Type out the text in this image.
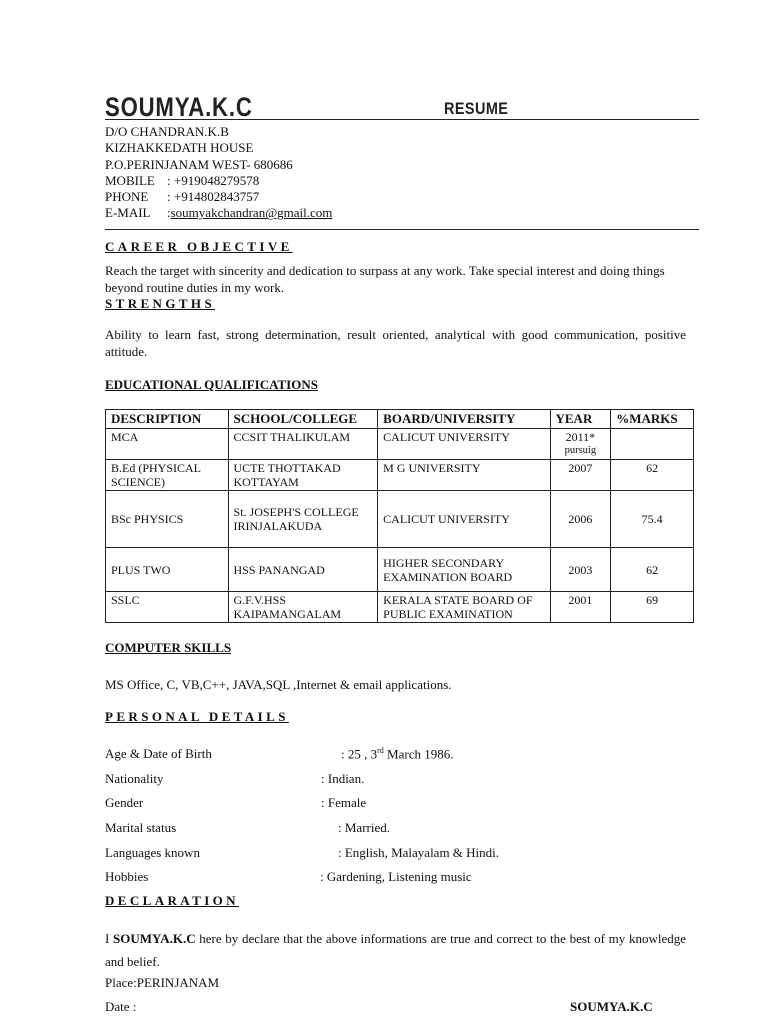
SOUMYA.K.C	RESUME
D/O CHANDRAN.K.B
KIZHAKKEDATH HOUSE
P.O.PERINJANAM WEST- 680686
MOBILE : +919048279578
PHONE : +914802843757
E-MAIL :soumyakchandran@gmail.com
CAREER OBJECTIVE
Reach the target with sincerity and dedication to surpass at any work. Take special interest and doing things beyond routine duties in my work.
STRENGTHS
Ability to learn fast, strong determination, result oriented, analytical with good communication, positive attitude.
EDUCATIONAL QUALIFICATIONS
DESCRIPTION	SCHOOL/COLLEGE	BOARD/UNIVERSITY	YEAR	%MARKS
MCA	CCSIT THALIKULAM	CALICUT UNIVERSITY	2011*
pursuig	

B.Ed (PHYSICAL SCIENCE)	UCTE THOTTAKAD KOTTAYAM	M G UNIVERSITY	2007	62
BSc PHYSICS	St. JOSEPH'S COLLEGE IRINJALAKUDA	CALICUT UNIVERSITY	2006	75.4
PLUS TWO	HSS PANANGAD	HIGHER SECONDARY EXAMINATION BOARD	2003	62
SSLC	G.F.V.HSS KAIPAMANGALAM	KERALA STATE BOARD OF PUBLIC EXAMINATION	2001	69
COMPUTER SKILLS
MS Office, C, VB,C++, JAVA,SQL ,Internet & email applications.
PERSONAL DETAILS
Age & Date of Birth	: 25 , 3rd March 1986.
Nationality	: Indian.
Gender	: Female
Marital status	: Married.
Languages known	: English, Malayalam & Hindi.
Hobbies	: Gardening, Listening music
DECLARATION
I SOUMYA.K.C here by declare that the above informations are true and correct to the best of my knowledge and belief.
Place:PERINJANAM
Date :	SOUMYA.K.C
